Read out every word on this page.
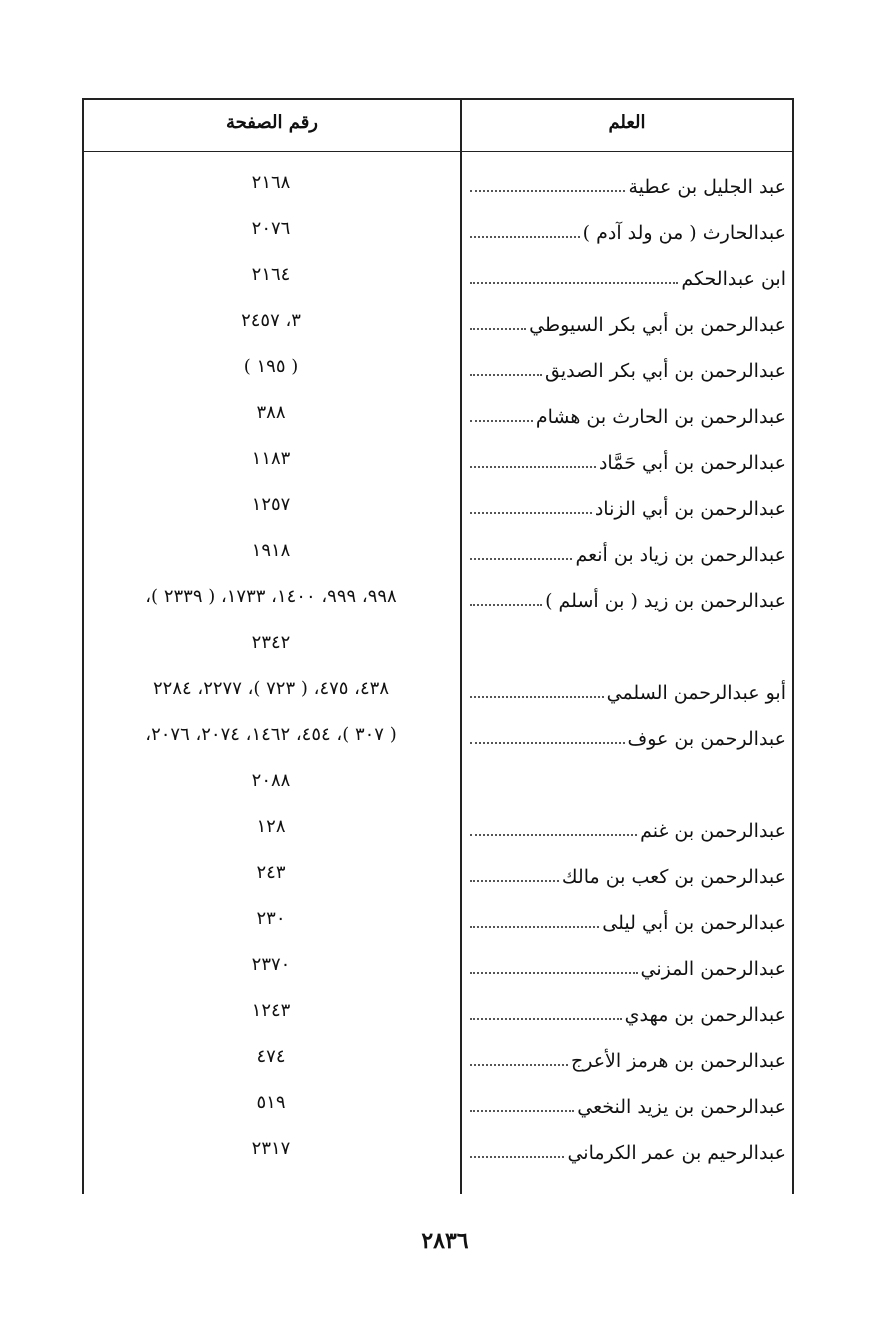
العلم
رقم الصفحة
عبد الجليل بن عطية
٢١٦٨
عبدالحارث ( من ولد آدم )
٢٠٧٦
ابن عبدالحكم
٢١٦٤
عبدالرحمن بن أبي بكر السيوطي
٣، ٢٤٥٧
عبدالرحمن بن أبي بكر الصديق
( ١٩٥ )
عبدالرحمن بن الحارث بن هشام
٣٨٨
عبدالرحمن بن أبي حَمَّاد
١١٨٣
عبدالرحمن بن أبي الزناد
١٢٥٧
عبدالرحمن بن زياد بن أنعم
١٩١٨
عبدالرحمن بن زيد ( بن أسلم )
٩٩٨، ٩٩٩، ١٤٠٠، ١٧٣٣، ( ٢٣٣٩ )،
٢٣٤٢
أبو عبدالرحمن السلمي
٤٣٨، ٤٧٥، ( ٧٢٣ )، ٢٢٧٧، ٢٢٨٤
عبدالرحمن بن عوف
( ٣٠٧ )، ٤٥٤، ١٤٦٢، ٢٠٧٤، ٢٠٧٦،
٢٠٨٨
عبدالرحمن بن غنم
١٢٨
عبدالرحمن بن كعب بن مالك
٢٤٣
عبدالرحمن بن أبي ليلى
٢٣٠
عبدالرحمن المزني
٢٣٧٠
عبدالرحمن بن مهدي
١٢٤٣
عبدالرحمن بن هرمز الأعرج
٤٧٤
عبدالرحمن بن يزيد النخعي
٥١٩
عبدالرحيم بن عمر الكرماني
٢٣١٧
٢٨٣٦
